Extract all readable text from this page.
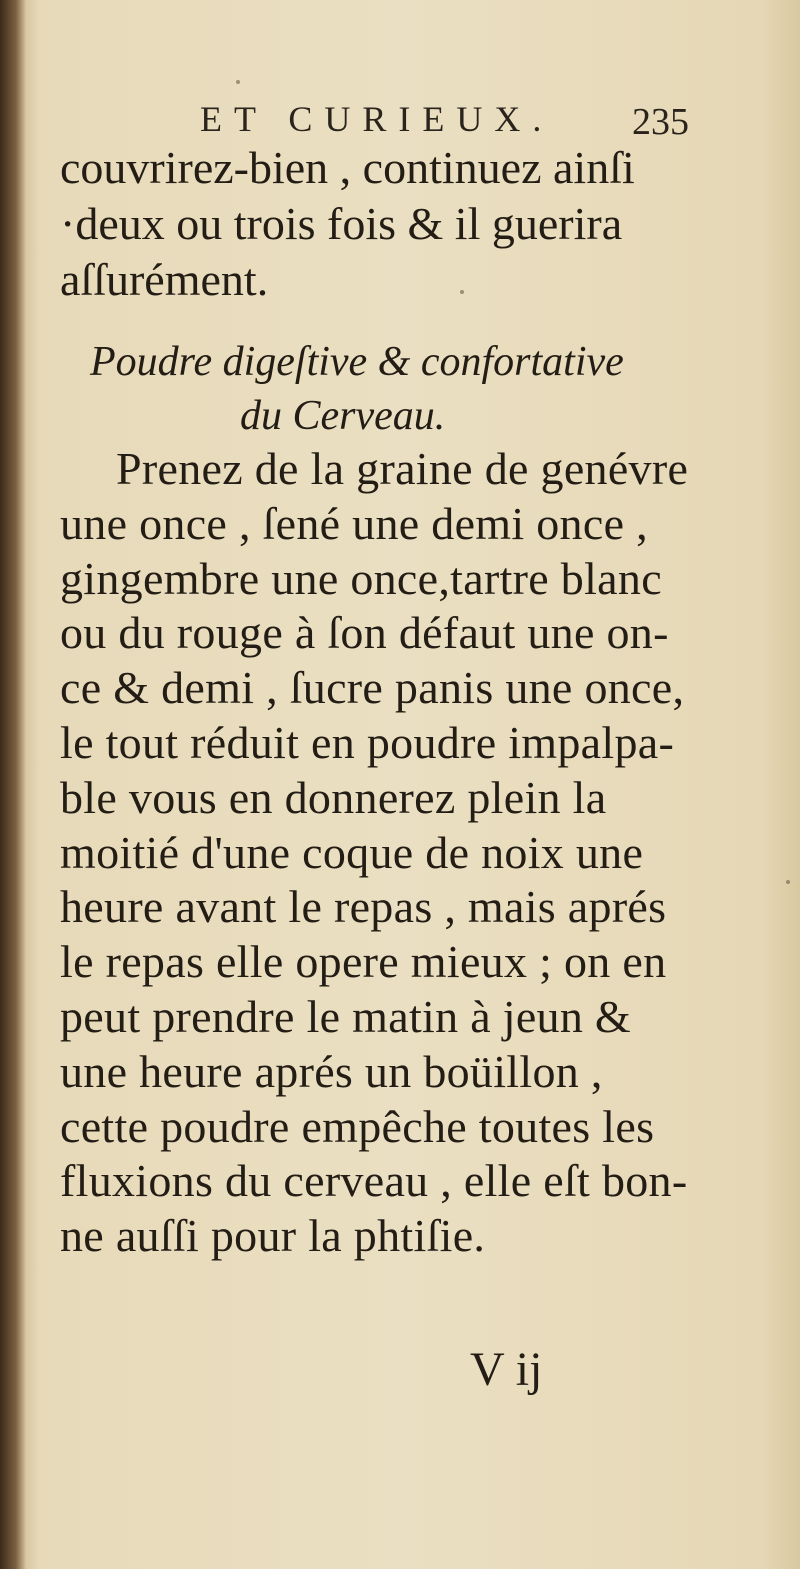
ET CURIEUX. 235
couvrirez-bien , continuez ainſi
·deux ou trois fois & il guerira
aſſurément.
Poudre digeſtive & confortative
du Cerveau.
Prenez de la graine de genévre
une once , ſené une demi once ,
gingembre une once,tartre blanc
ou du rouge à ſon défaut une on-
ce & demi , ſucre panis une once,
le tout réduit en poudre impalpa-
ble vous en donnerez plein la
moitié d'une coque de noix une
heure avant le repas , mais aprés
le repas elle opere mieux ; on en
peut prendre le matin à jeun &
une heure aprés un boüillon ,
cette poudre empêche toutes les
fluxions du cerveau , elle eſt bon-
ne auſſi pour la phtiſie.
V ij
